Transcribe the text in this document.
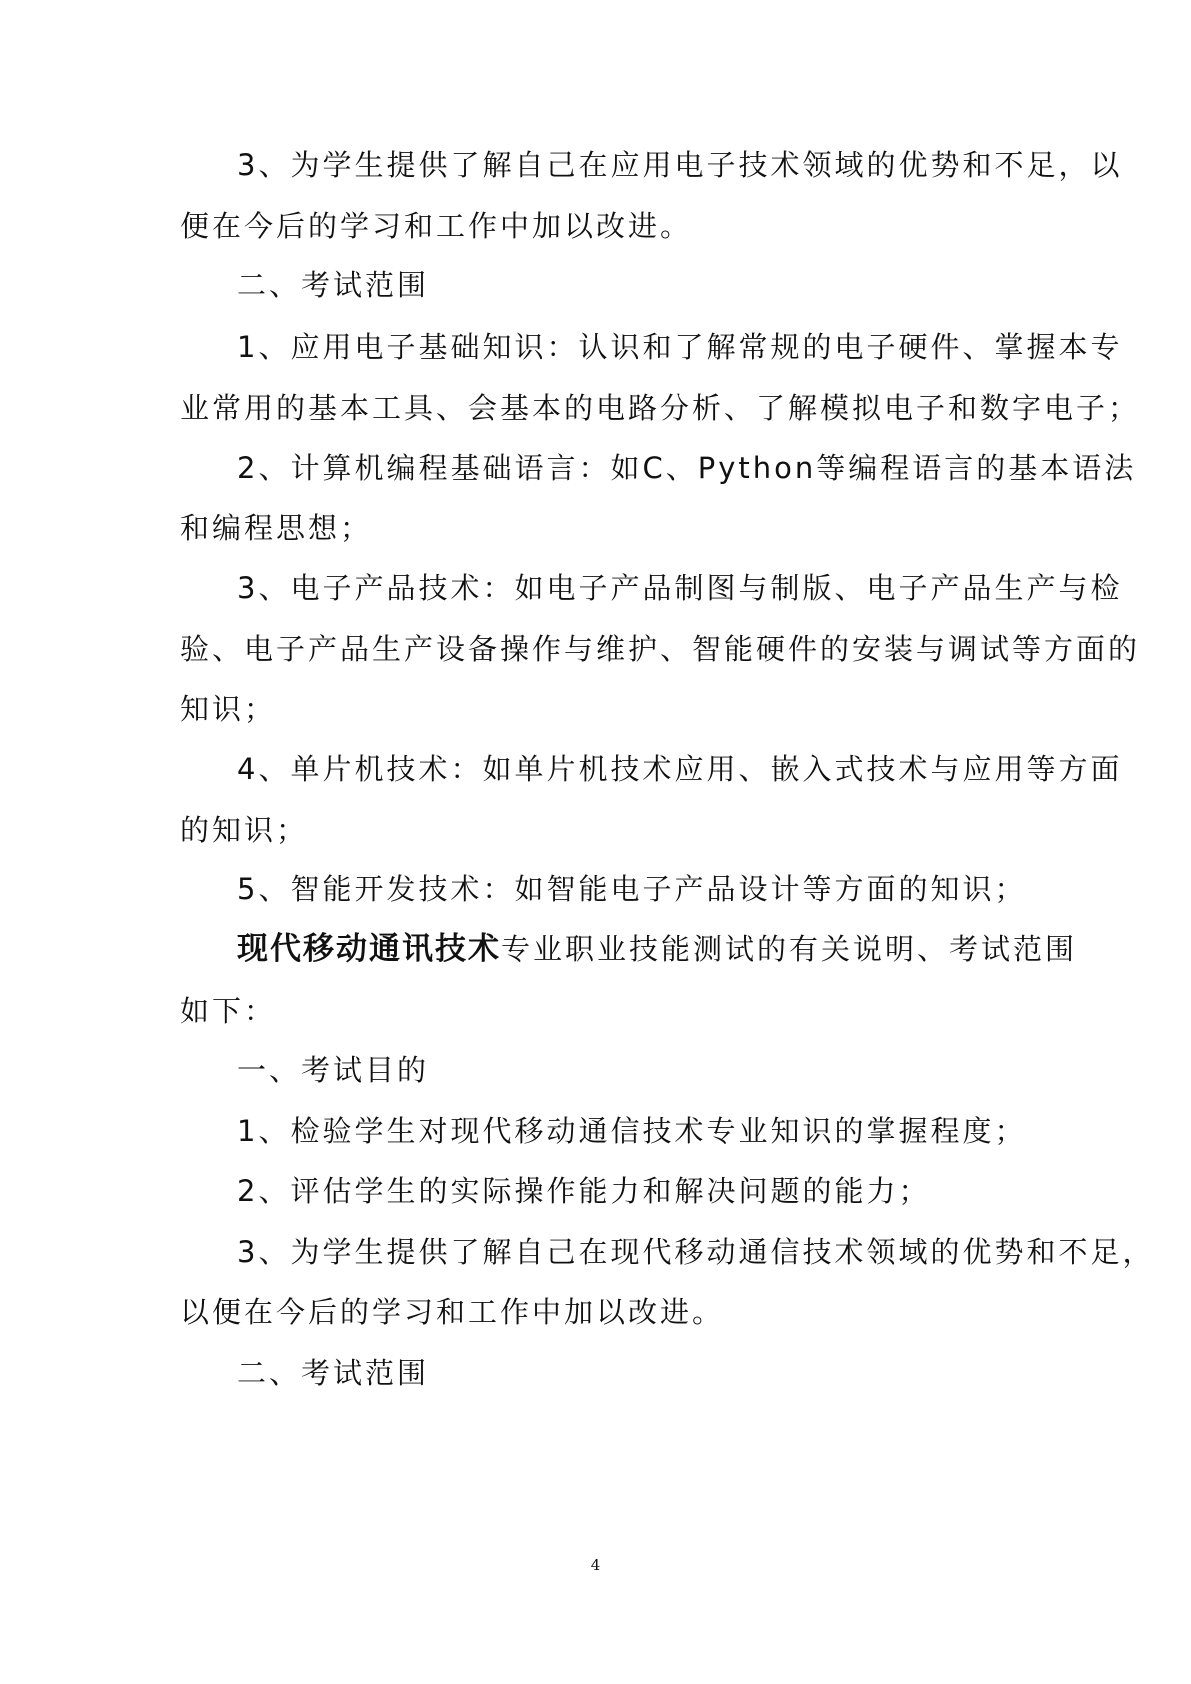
3、为学生提供了解自己在应用电子技术领域的优势和不足，以
便在今后的学习和工作中加以改进。
二、考试范围
1、应用电子基础知识：认识和了解常规的电子硬件、掌握本专
业常用的基本工具、会基本的电路分析、了解模拟电子和数字电子；
2、计算机编程基础语言：如C、Python等编程语言的基本语法
和编程思想；
3、电子产品技术：如电子产品制图与制版、电子产品生产与检
验、电子产品生产设备操作与维护、智能硬件的安装与调试等方面的
知识；
4、单片机技术：如单片机技术应用、嵌入式技术与应用等方面
的知识；
5、智能开发技术：如智能电子产品设计等方面的知识；
现代移动通讯技术专业职业技能测试的有关说明、考试范围
如下：
一、考试目的
1、检验学生对现代移动通信技术专业知识的掌握程度；
2、评估学生的实际操作能力和解决问题的能力；
3、为学生提供了解自己在现代移动通信技术领域的优势和不足，
以便在今后的学习和工作中加以改进。
二、考试范围
4
